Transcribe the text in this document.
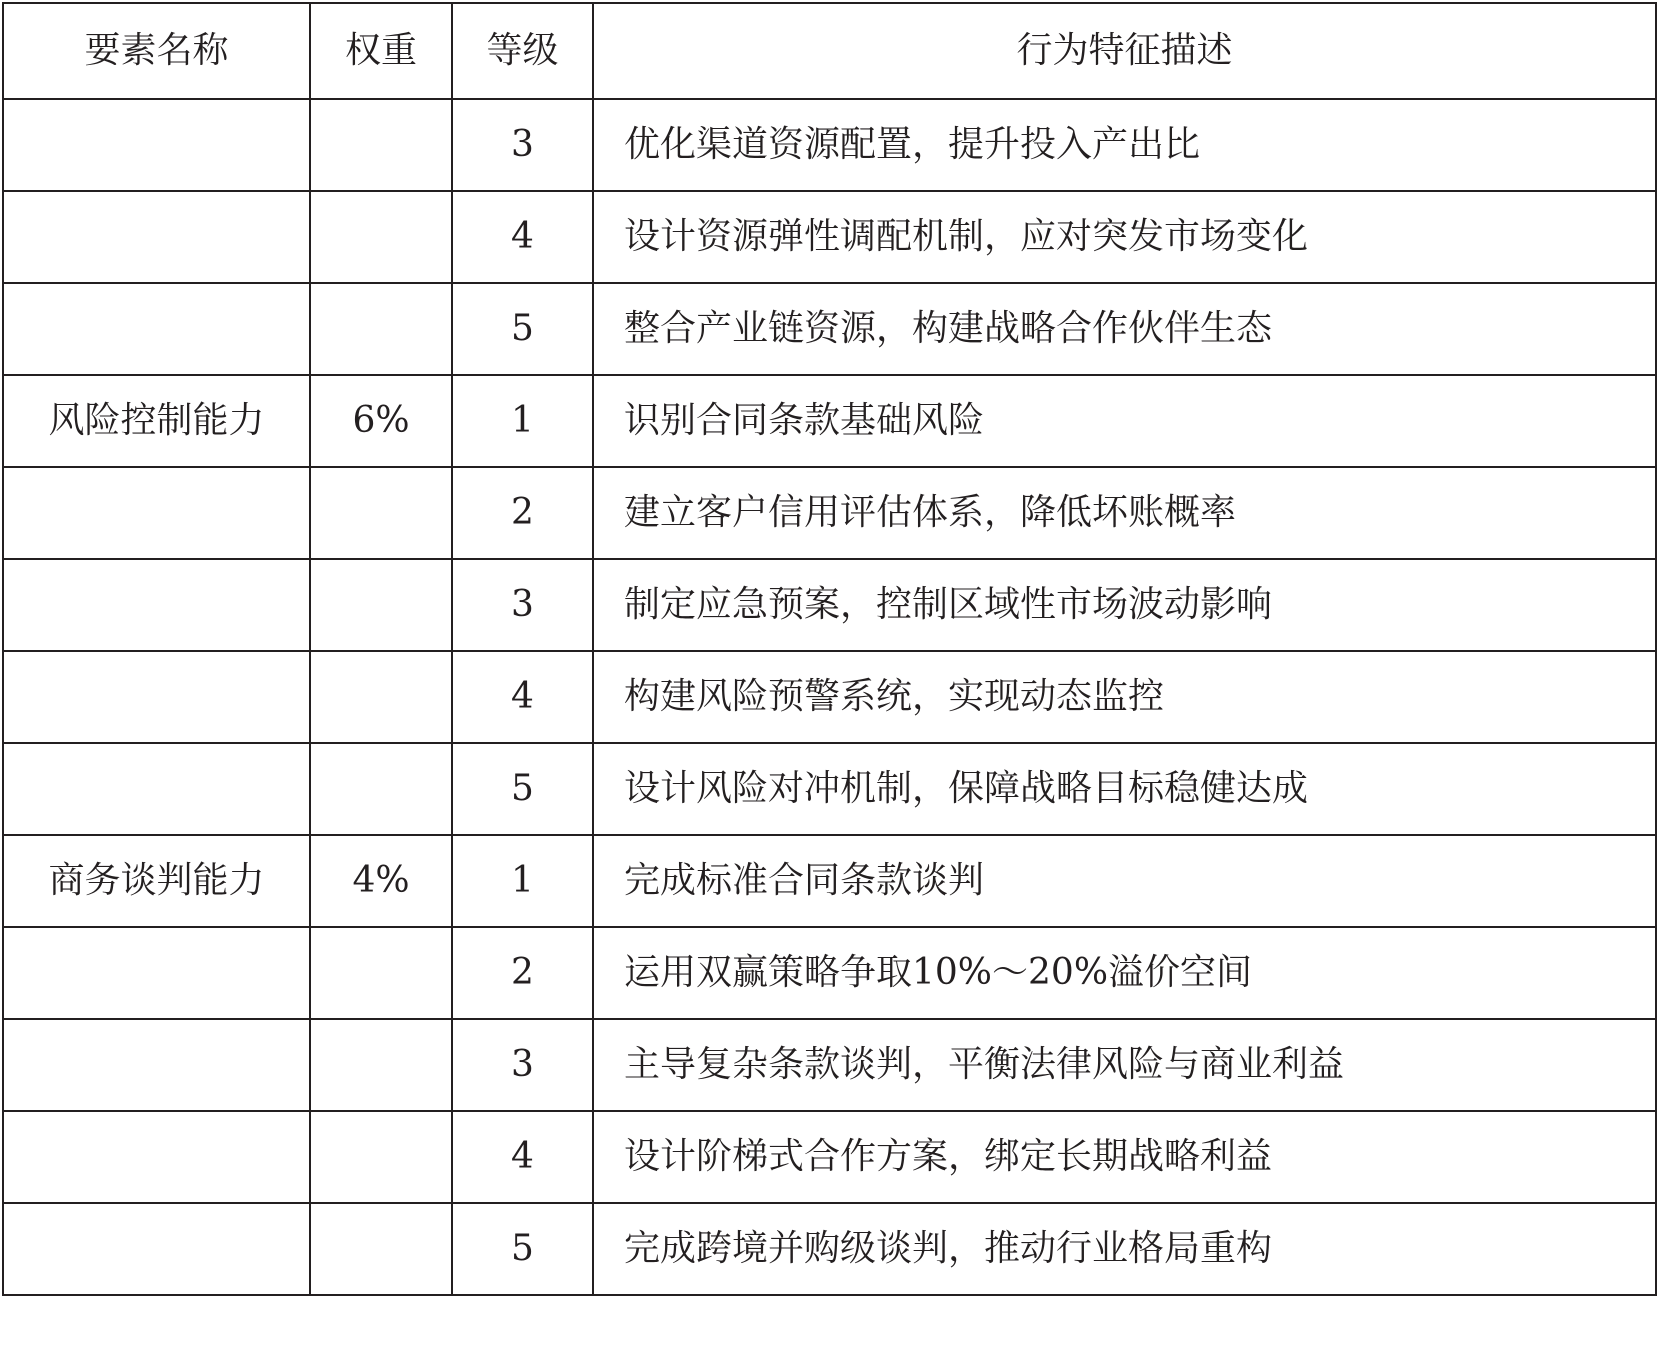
要素名称	权重	等级	行为特征描述
		3	优化渠道资源配置，提升投入产出比
		4	设计资源弹性调配机制，应对突发市场变化
		5	整合产业链资源，构建战略合作伙伴生态
风险控制能力	6%	1	识别合同条款基础风险
		2	建立客户信用评估体系，降低坏账概率
		3	制定应急预案，控制区域性市场波动影响
		4	构建风险预警系统，实现动态监控
		5	设计风险对冲机制，保障战略目标稳健达成
商务谈判能力	4%	1	完成标准合同条款谈判
		2	运用双赢策略争取10%～20%溢价空间
		3	主导复杂条款谈判，平衡法律风险与商业利益
		4	设计阶梯式合作方案，绑定长期战略利益
		5	完成跨境并购级谈判，推动行业格局重构
